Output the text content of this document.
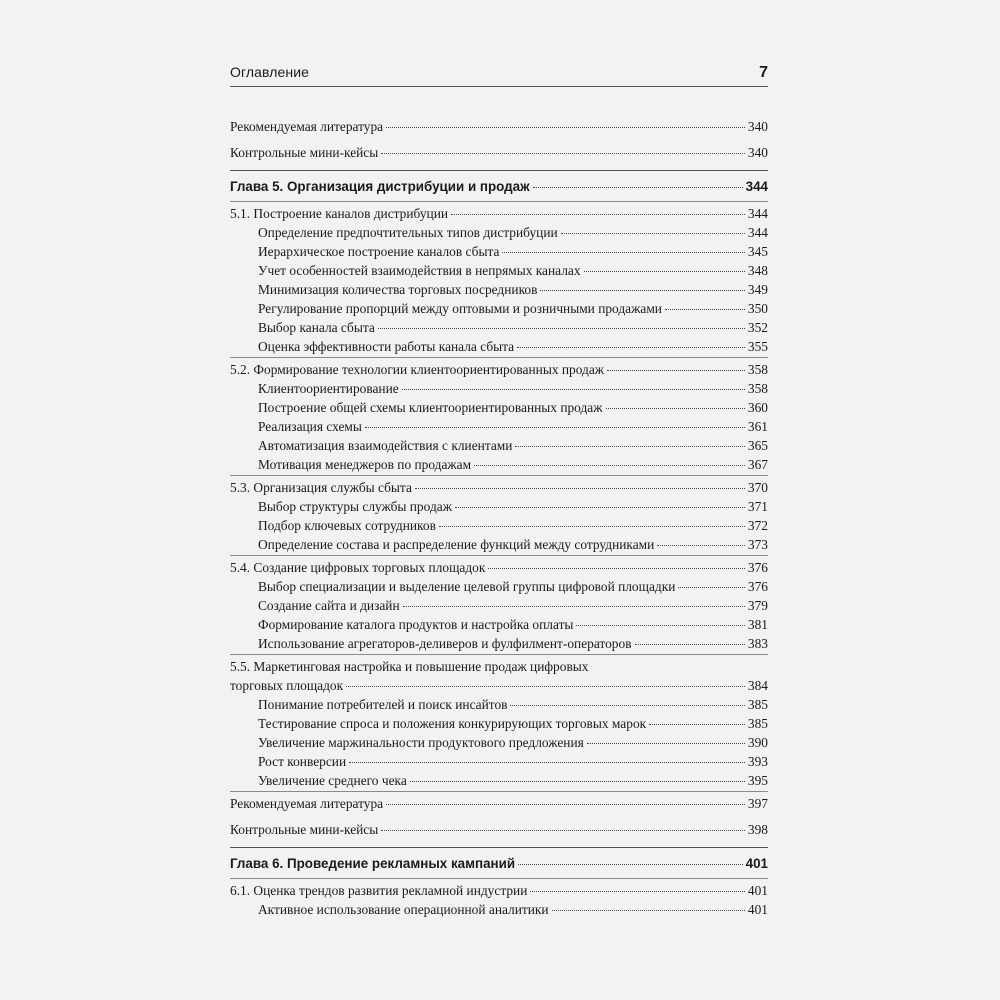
Оглавление	7
Рекомендуемая литература	340
Контрольные мини-кейсы	340
Глава 5. Организация дистрибуции и продаж	344
5.1. Построение каналов дистрибуции	344
Определение предпочтительных типов дистрибуции	344
Иерархическое построение каналов сбыта	345
Учет особенностей взаимодействия в непрямых каналах	348
Минимизация количества торговых посредников	349
Регулирование пропорций между оптовыми и розничными продажами	350
Выбор канала сбыта	352
Оценка эффективности работы канала сбыта	355
5.2. Формирование технологии клиентоориентированных продаж	358
Клиентоориентирование	358
Построение общей схемы клиентоориентированных продаж	360
Реализация схемы	361
Автоматизация взаимодействия с клиентами	365
Мотивация менеджеров по продажам	367
5.3. Организация службы сбыта	370
Выбор структуры службы продаж	371
Подбор ключевых сотрудников	372
Определение состава и распределение функций между сотрудниками	373
5.4. Создание цифровых торговых площадок	376
Выбор специализации и выделение целевой группы цифровой площадки	376
Создание сайта и дизайн	379
Формирование каталога продуктов и настройка оплаты	381
Использование агрегаторов-деливеров и фулфилмент-операторов	383
5.5. Маркетинговая настройка и повышение продаж цифровых
торговых площадок	384
Понимание потребителей и поиск инсайтов	385
Тестирование спроса и положения конкурирующих торговых марок	385
Увеличение маржинальности продуктового предложения	390
Рост конверсии	393
Увеличение среднего чека	395
Рекомендуемая литература	397
Контрольные мини-кейсы	398
Глава 6. Проведение рекламных кампаний	401
6.1. Оценка трендов развития рекламной индустрии	401
Активное использование операционной аналитики	401
